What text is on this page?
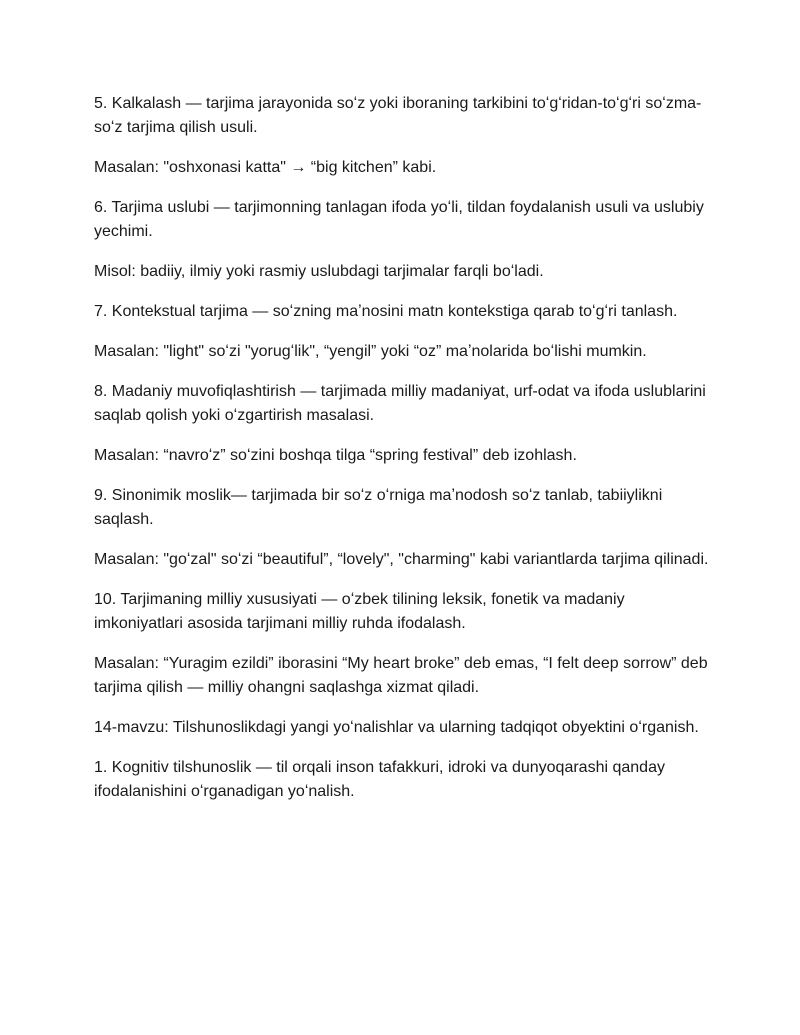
5. Kalkalash — tarjima jarayonida soʻz yoki iboraning tarkibini toʻgʻridan-toʻgʻri soʻzma-soʻz tarjima qilish usuli.

Masalan: "oshxonasi katta" → “big kitchen” kabi.

6. Tarjima uslubi — tarjimonning tanlagan ifoda yoʻli, tildan foydalanish usuli va uslubiy yechimi.

Misol: badiiy, ilmiy yoki rasmiy uslubdagi tarjimalar farqli boʻladi.

7. Kontekstual tarjima — soʻzning maʼnosini matn kontekstiga qarab toʻgʻri tanlash.

Masalan: "light" soʻzi "yorugʻlik", “yengil” yoki “oz” maʼnolarida boʻlishi mumkin.

8. Madaniy muvofiqlashtirish — tarjimada milliy madaniyat, urf-odat va ifoda uslublarini saqlab qolish yoki oʻzgartirish masalasi.

Masalan: “navroʻz” soʻzini boshqa tilga “spring festival” deb izohlash.

9. Sinonimik moslik— tarjimada bir soʻz oʻrniga maʼnodosh soʻz tanlab, tabiiylikni saqlash.

Masalan: "goʻzal" soʻzi “beautiful”, “lovely", "charming" kabi variantlarda tarjima qilinadi.

10. Tarjimaning milliy xususiyati — oʻzbek tilining leksik, fonetik va madaniy imkoniyatlari asosida tarjimani milliy ruhda ifodalash.

Masalan: “Yuragim ezildi” iborasini “My heart broke” deb emas, “I felt deep sorrow” deb tarjima qilish — milliy ohangni saqlashga xizmat qiladi.

14-mavzu: Tilshunoslikdagi yangi yoʻnalishlar va ularning tadqiqot obyektini oʻrganish.

1. Kognitiv tilshunoslik — til orqali inson tafakkuri, idroki va dunyoqarashi qanday ifodalanishini oʻrganadigan yoʻnalish.
